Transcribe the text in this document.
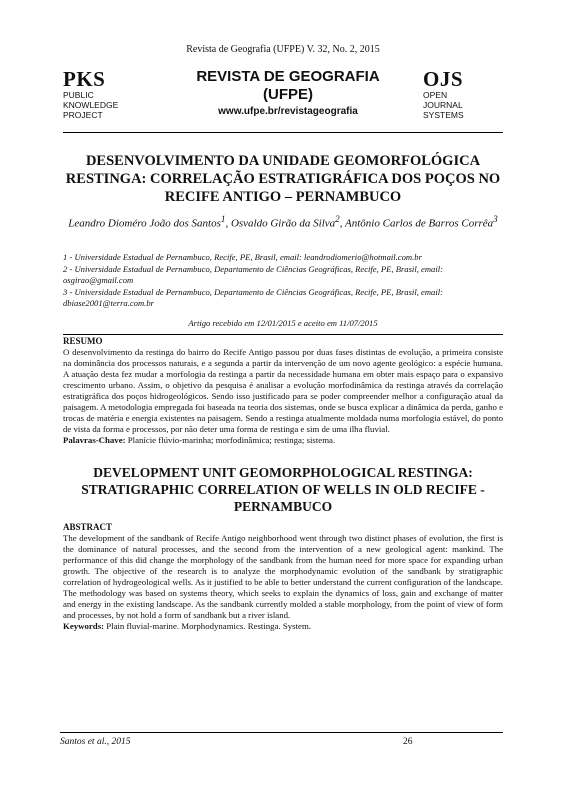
Revista de Geografia (UFPE) V. 32, No. 2, 2015
PKS
PUBLIC
KNOWLEDGE
PROJECT
REVISTA DE GEOGRAFIA
(UFPE)
www.ufpe.br/revistageografia
OJS
OPEN
JOURNAL
SYSTEMS
DESENVOLVIMENTO DA UNIDADE GEOMORFOLÓGICA RESTINGA: CORRELAÇÃO ESTRATIGRÁFICA DOS POÇOS NO RECIFE ANTIGO – PERNAMBUCO
Leandro Dioméro João dos Santos$^1$, Osvaldo Girão da Silva$^2$, Antônio Carlos de Barros Corrêa$^3$
1 - Universidade Estadual de Pernambuco, Recife, PE, Brasil, email: leandrodiomerio@hotmail.com.br
2 - Universidade Estadual de Pernambuco, Departamento de Ciências Geográficas, Recife, PE, Brasil, email: osgirao@gmail.com
3 - Universidade Estadual de Pernambuco, Departamento de Ciências Geográficas, Recife, PE, Brasil, email: dbiase2001@terra.com.br
Artigo recebido em 12/01/2015 e aceito em 11/07/2015
RESUMO
O desenvolvimento da restinga do bairro do Recife Antigo passou por duas fases distintas de evolução, a primeira consiste na dominância dos processos naturais, e a segunda a partir da intervenção de um novo agente geológico: a espécie humana. A atuação desta fez mudar a morfologia da restinga a partir da necessidade humana em obter mais espaço para o expansivo crescimento urbano. Assim, o objetivo da pesquisa é analisar a evolução morfodinâmica da restinga através da correlação estratigráfica dos poços hidrogeológicos. Sendo isso justificado para se poder compreender melhor a configuração atual da paisagem. A metodologia empregada foi baseada na teoria dos sistemas, onde se busca explicar a dinâmica da perda, ganho e trocas de matéria e energia existentes na paisagem. Sendo a restinga atualmente moldada numa morfologia estável, do ponto de vista da forma e processos, por não deter uma forma de restinga e sim de uma ilha fluvial.
Palavras-Chave: Planície flúvio-marinha; morfodinâmica; restinga; sistema.
DEVELOPMENT UNIT GEOMORPHOLOGICAL RESTINGA: STRATIGRAPHIC CORRELATION OF WELLS IN OLD RECIFE - PERNAMBUCO
ABSTRACT
The development of the sandbank of Recife Antigo neighborhood went through two distinct phases of evolution, the first is the dominance of natural processes, and the second from the intervention of a new geological agent: mankind. The performance of this did change the morphology of the sandbank from the human need for more space for expanding urban growth. The objective of the research is to analyze the morphodynamic evolution of the sandbank by stratigraphic correlation of hydrogeological wells. As it justified to be able to better understand the current configuration of the landscape. The methodology was based on systems theory, which seeks to explain the dynamics of loss, gain and exchange of matter and energy in the existing landscape. As the sandbank currently molded a stable morphology, from the point of view of form and processes, by not hold a form of sandbank but a river island.
Keywords: Plain fluvial-marine. Morphodynamics. Restinga. System.
Santos et al., 2015	26
